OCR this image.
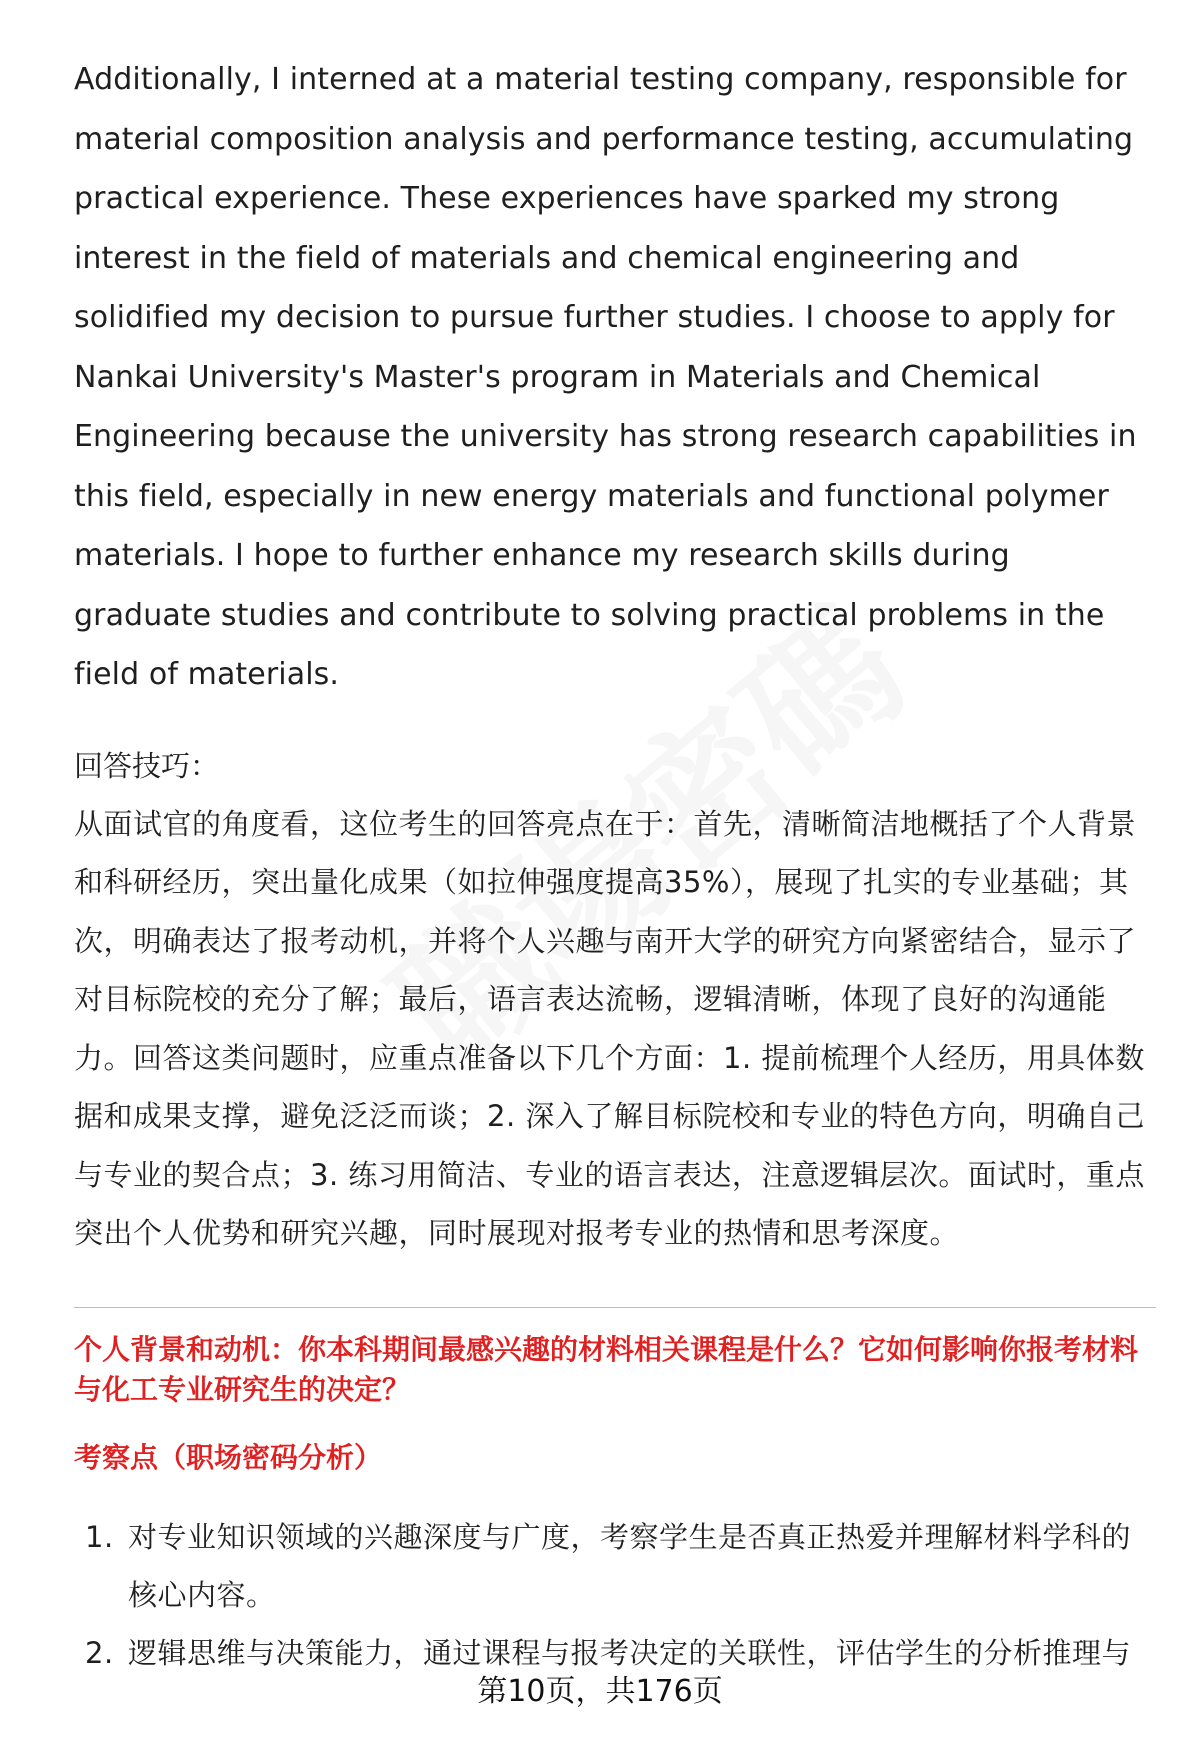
Additionally, I interned at a material testing company, responsible for material composition analysis and performance testing, accumulating practical experience. These experiences have sparked my strong interest in the field of materials and chemical engineering and solidified my decision to pursue further studies. I choose to apply for Nankai University's Master's program in Materials and Chemical Engineering because the university has strong research capabilities in this field, especially in new energy materials and functional polymer materials. I hope to further enhance my research skills during graduate studies and contribute to solving practical problems in the field of materials.

回答技巧：

从面试官的角度看，这位考生的回答亮点在于：首先，清晰简洁地概括了个人背景和科研经历，突出量化成果（如拉伸强度提高35%），展现了扎实的专业基础；其次，明确表达了报考动机，并将个人兴趣与南开大学的研究方向紧密结合，显示了对目标院校的充分了解；最后，语言表达流畅，逻辑清晰，体现了良好的沟通能力。回答这类问题时，应重点准备以下几个方面：1. 提前梳理个人经历，用具体数据和成果支撑，避免泛泛而谈；2. 深入了解目标院校和专业的特色方向，明确自己与专业的契合点；3. 练习用简洁、专业的语言表达，注意逻辑层次。面试时，重点突出个人优势和研究兴趣，同时展现对报考专业的热情和思考深度。

个人背景和动机：你本科期间最感兴趣的材料相关课程是什么？它如何影响你报考材料与化工专业研究生的决定？

考察点（职场密码分析）

1. 对专业知识领域的兴趣深度与广度，考察学生是否真正热爱并理解材料学科的核心内容。
2. 逻辑思维与决策能力，通过课程与报考决定的关联性，评估学生的分析推理与
第10页，共176页
